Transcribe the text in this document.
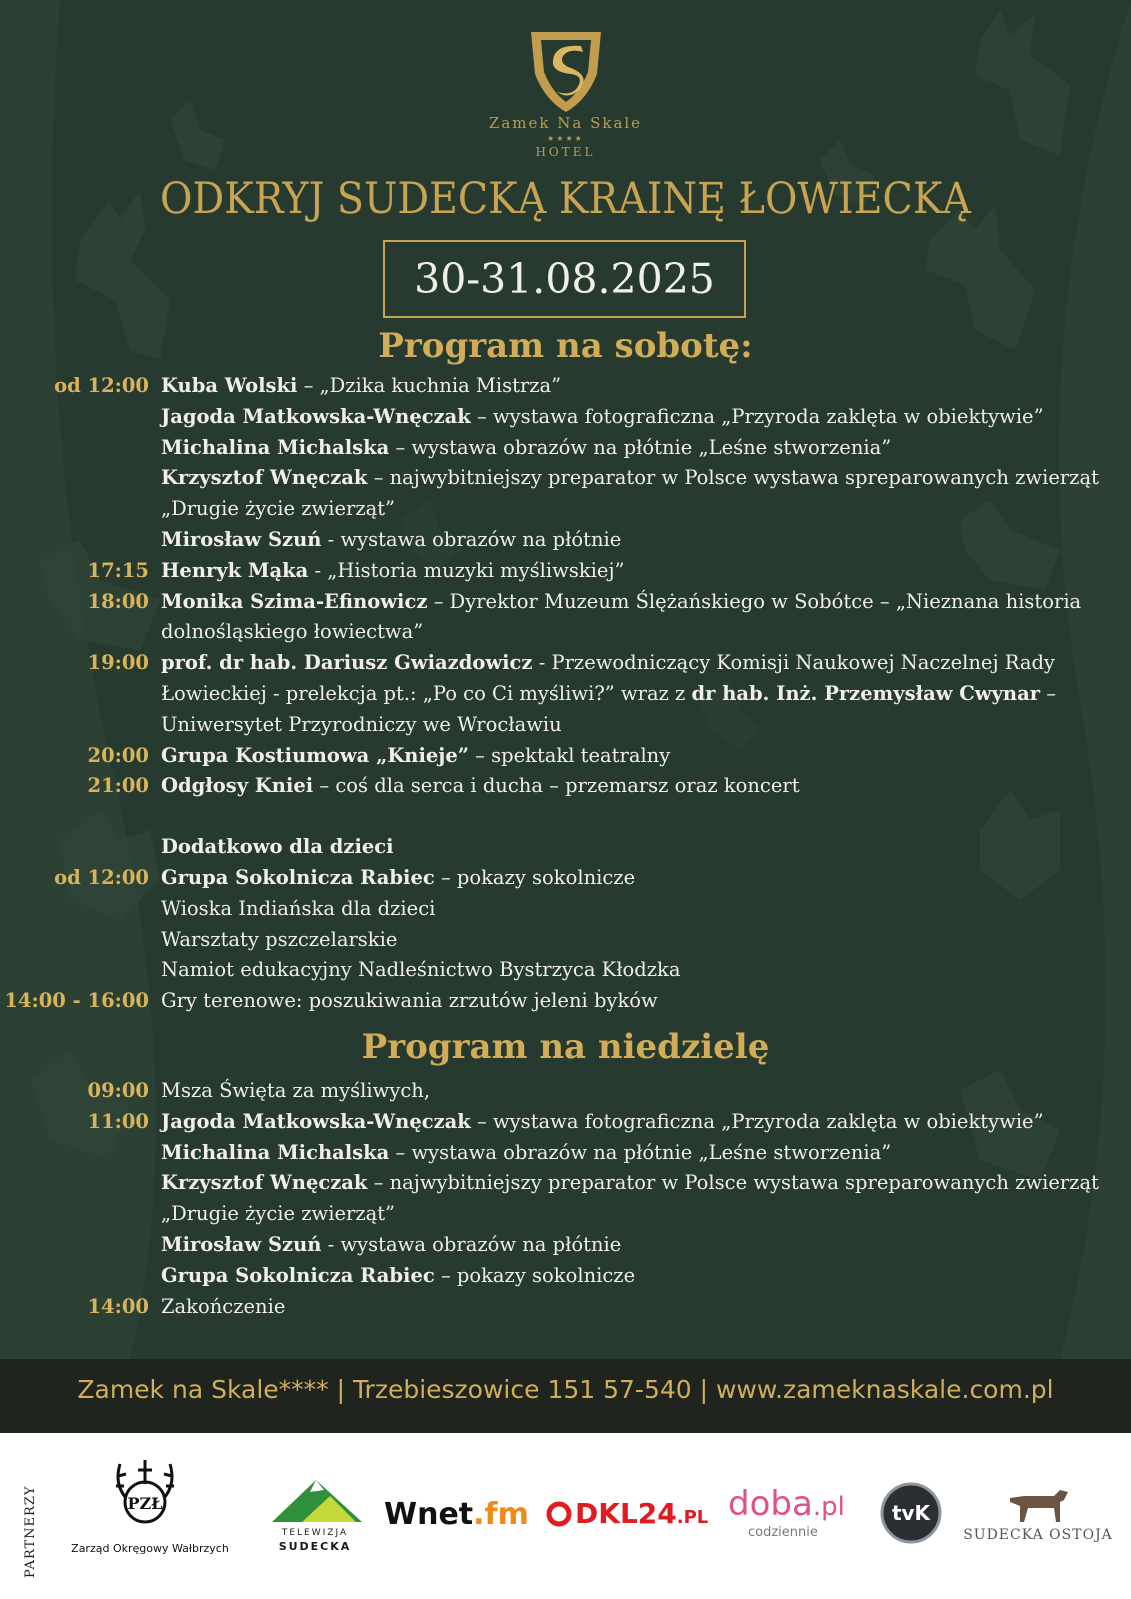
Zamek Na Skale
★★★★
HOTEL
ODKRYJ SUDECKĄ KRAINĘ ŁOWIECKĄ
30-31.08.2025
Program na sobotę:
od 12:00 Kuba Wolski – „Dzika kuchnia Mistrza”
Jagoda Matkowska-Wnęczak – wystawa fotograficzna „Przyroda zaklęta w obiektywie”
Michalina Michalska – wystawa obrazów na płótnie „Leśne stworzenia”
Krzysztof Wnęczak – najwybitniejszy preparator w Polsce wystawa spreparowanych zwierząt
„Drugie życie zwierząt”
Mirosław Szuń - wystawa obrazów na płótnie
17:15 Henryk Mąka - „Historia muzyki myśliwskiej”
18:00 Monika Szima-Efinowicz – Dyrektor Muzeum Ślężańskiego w Sobótce – „Nieznana historia
dolnośląskiego łowiectwa”
19:00 prof. dr hab. Dariusz Gwiazdowicz - Przewodniczący Komisji Naukowej Naczelnej Rady
Łowieckiej - prelekcja pt.: „Po co Ci myśliwi?” wraz z dr hab. Inż. Przemysław Cwynar –
Uniwersytet Przyrodniczy we Wrocławiu
20:00 Grupa Kostiumowa „Knieje” – spektakl teatralny
21:00 Odgłosy Kniei – coś dla serca i ducha – przemarsz oraz koncert
Dodatkowo dla dzieci
od 12:00 Grupa Sokolnicza Rabiec – pokazy sokolnicze
Wioska Indiańska dla dzieci
Warsztaty pszczelarskie
Namiot edukacyjny Nadleśnictwo Bystrzyca Kłodzka
14:00 - 16:00 Gry terenowe: poszukiwania zrzutów jeleni byków
Program na niedzielę
09:00 Msza Święta za myśliwych,
11:00 Jagoda Matkowska-Wnęczak – wystawa fotograficzna „Przyroda zaklęta w obiektywie”
Michalina Michalska – wystawa obrazów na płótnie „Leśne stworzenia”
Krzysztof Wnęczak – najwybitniejszy preparator w Polsce wystawa spreparowanych zwierząt
„Drugie życie zwierząt”
Mirosław Szuń - wystawa obrazów na płótnie
Grupa Sokolnicza Rabiec – pokazy sokolnicze
14:00 Zakończenie
Zamek na Skale**** | Trzebieszowice 151 57-540 | www.zameknaskale.com.pl
PARTNERZY	PZŁ
Zarząd Okręgowy Wałbrzych
TELEWIZJA
SUDECKA
Wnet.fm DKL24.PL doba.pl
codziennie
tvK
SUDECKA OSTOJA
